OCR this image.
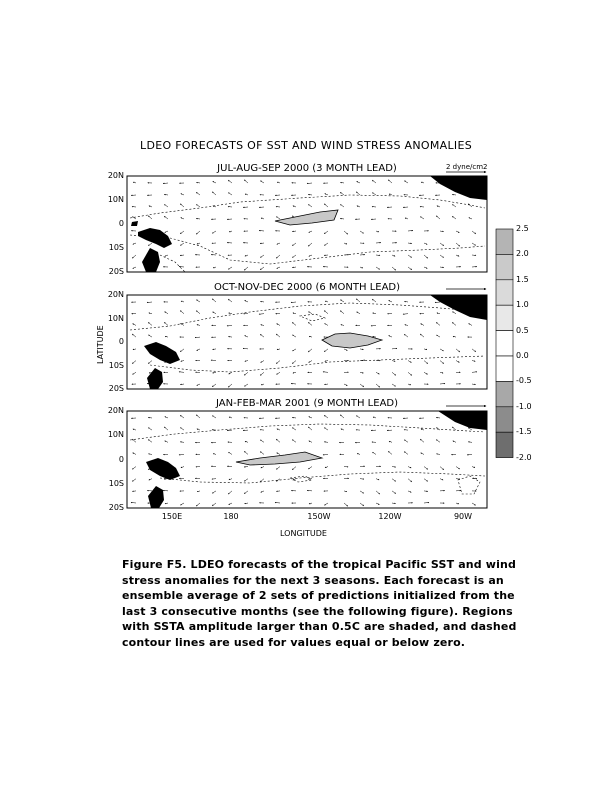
LDEO FORECASTS OF SST AND WIND STRESS ANOMALIES
JUL-AUG-SEP 2000 (3 MONTH LEAD)
OCT-NOV-DEC 2000 (6 MONTH LEAD)
JAN-FEB-MAR 2001 (9 MONTH LEAD)
2 dyne/cm2
20N
10N
0
10S
20S
20N
10N
0
10S
20S
20N
10N
0
10S
20S
150E	180	150W	120W	90W
LONGITUDE
LATITUDE
2.5
2.0
1.5
1.0
0.5
0.0
-0.5
-1.0
-1.5
-2.0
Figure F5. LDEO forecasts of the tropical Pacific SST and wind
stress anomalies for the next 3 seasons. Each forecast is an
ensemble average of 2 sets of predictions initialized from the
last 3 consecutive months (see the following figure). Regions
with SSTA amplitude larger than 0.5C are shaded, and dashed
contour lines are used for values equal or below zero.
